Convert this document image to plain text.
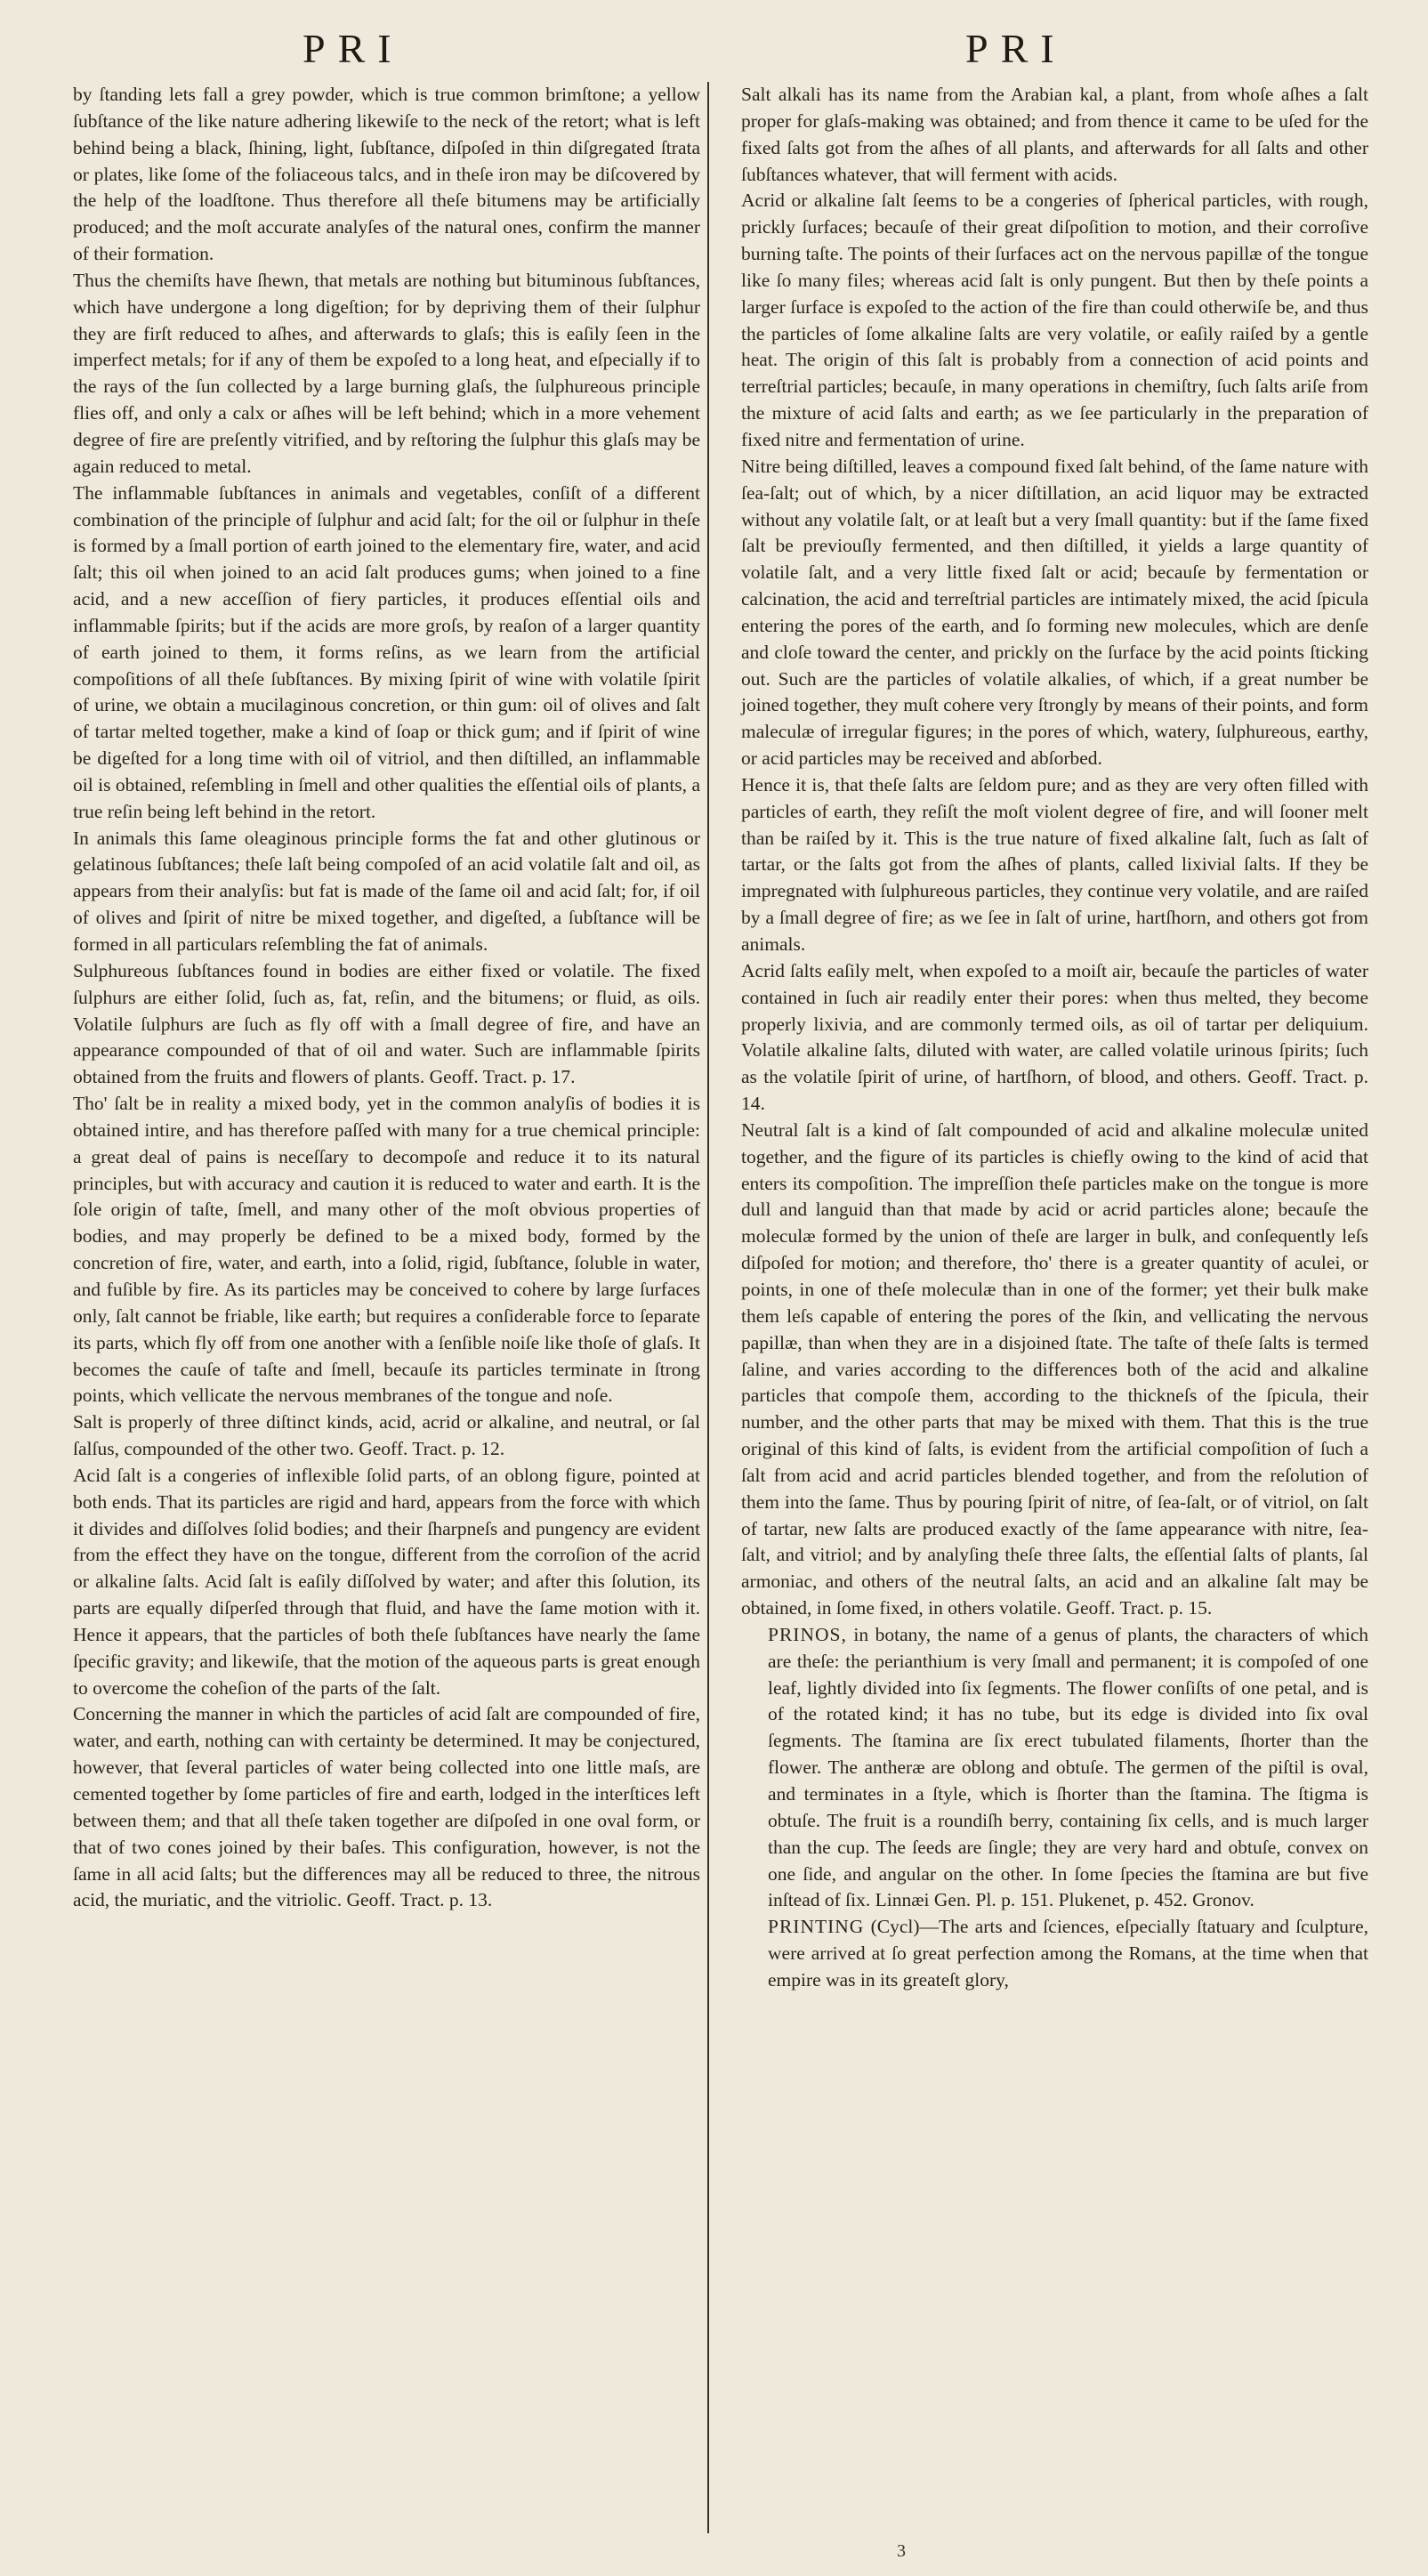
PRI	PRI

by ſtanding lets fall a grey powder, which is true common brimſtone; a yellow ſubſtance of the like nature adhering likewiſe to the neck of the retort; what is left behind being a black, ſhining, light, ſubſtance, diſpoſed in thin diſgregated ſtrata or plates, like ſome of the foliaceous talcs, and in theſe iron may be diſcovered by the help of the loadſtone. Thus therefore all theſe bitumens may be artificially produced; and the moſt accurate analyſes of the natural ones, confirm the manner of their formation.

Thus the chemiſts have ſhewn, that metals are nothing but bituminous ſubſtances, which have undergone a long digeſtion; for by depriving them of their ſulphur they are firſt reduced to aſhes, and afterwards to glaſs; this is eaſily ſeen in the imperfect metals; for if any of them be expoſed to a long heat, and eſpecially if to the rays of the ſun collected by a large burning glaſs, the ſulphureous principle flies off, and only a calx or aſhes will be left behind; which in a more vehement degree of fire are preſently vitrified, and by reſtoring the ſulphur this glaſs may be again reduced to metal.

The inflammable ſubſtances in animals and vegetables, conſiſt of a different combination of the principle of ſulphur and acid ſalt; for the oil or ſulphur in theſe is formed by a ſmall portion of earth joined to the elementary fire, water, and acid ſalt; this oil when joined to an acid ſalt produces gums; when joined to a fine acid, and a new acceſſion of fiery particles, it produces eſſential oils and inflammable ſpirits; but if the acids are more groſs, by reaſon of a larger quantity of earth joined to them, it forms reſins, as we learn from the artificial compoſitions of all theſe ſubſtances. By mixing ſpirit of wine with volatile ſpirit of urine, we obtain a mucilaginous concretion, or thin gum: oil of olives and ſalt of tartar melted together, make a kind of ſoap or thick gum; and if ſpirit of wine be digeſted for a long time with oil of vitriol, and then diſtilled, an inflammable oil is obtained, reſembling in ſmell and other qualities the eſſential oils of plants, a true reſin being left behind in the retort.

In animals this ſame oleaginous principle forms the fat and other glutinous or gelatinous ſubſtances; theſe laſt being compoſed of an acid volatile ſalt and oil, as appears from their analyſis: but fat is made of the ſame oil and acid ſalt; for, if oil of olives and ſpirit of nitre be mixed together, and digeſted, a ſubſtance will be formed in all particulars reſembling the fat of animals.

Sulphureous ſubſtances found in bodies are either fixed or volatile. The fixed ſulphurs are either ſolid, ſuch as, fat, reſin, and the bitumens; or fluid, as oils. Volatile ſulphurs are ſuch as fly off with a ſmall degree of fire, and have an appearance compounded of that of oil and water. Such are inflammable ſpirits obtained from the fruits and flowers of plants. Geoff. Tract. p. 17.

Tho' ſalt be in reality a mixed body, yet in the common analyſis of bodies it is obtained intire, and has therefore paſſed with many for a true chemical principle: a great deal of pains is neceſſary to decompoſe and reduce it to its natural principles, but with accuracy and caution it is reduced to water and earth. It is the ſole origin of taſte, ſmell, and many other of the moſt obvious properties of bodies, and may properly be defined to be a mixed body, formed by the concretion of fire, water, and earth, into a ſolid, rigid, ſubſtance, ſoluble in water, and fuſible by fire. As its particles may be conceived to cohere by large ſurfaces only, ſalt cannot be friable, like earth; but requires a conſiderable force to ſeparate its parts, which fly off from one another with a ſenſible noiſe like thoſe of glaſs. It becomes the cauſe of taſte and ſmell, becauſe its particles terminate in ſtrong points, which vellicate the nervous membranes of the tongue and noſe.

Salt is properly of three diſtinct kinds, acid, acrid or alkaline, and neutral, or ſal ſalſus, compounded of the other two. Geoff. Tract. p. 12.

Acid ſalt is a congeries of inflexible ſolid parts, of an oblong figure, pointed at both ends. That its particles are rigid and hard, appears from the force with which it divides and diſſolves ſolid bodies; and their ſharpneſs and pungency are evident from the effect they have on the tongue, different from the corroſion of the acrid or alkaline ſalts. Acid ſalt is eaſily diſſolved by water; and after this ſolution, its parts are equally diſperſed through that fluid, and have the ſame motion with it. Hence it appears, that the particles of both theſe ſubſtances have nearly the ſame ſpecific gravity; and likewiſe, that the motion of the aqueous parts is great enough to overcome the coheſion of the parts of the ſalt.

Concerning the manner in which the particles of acid ſalt are compounded of fire, water, and earth, nothing can with certainty be determined. It may be conjectured, however, that ſeveral particles of water being collected into one little maſs, are cemented together by ſome particles of fire and earth, lodged in the interſtices left between them; and that all theſe taken together are diſpoſed in one oval form, or that of two cones joined by their baſes. This configuration, however, is not the ſame in all acid ſalts; but the differences may all be reduced to three, the nitrous acid, the muriatic, and the vitriolic. Geoff. Tract. p. 13.

Salt alkali has its name from the Arabian kal, a plant, from whoſe aſhes a ſalt proper for glaſs-making was obtained; and from thence it came to be uſed for the fixed ſalts got from the aſhes of all plants, and afterwards for all ſalts and other ſubſtances whatever, that will ferment with acids.

Acrid or alkaline ſalt ſeems to be a congeries of ſpherical particles, with rough, prickly ſurfaces; becauſe of their great diſpoſition to motion, and their corroſive burning taſte. The points of their ſurfaces act on the nervous papillæ of the tongue like ſo many files; whereas acid ſalt is only pungent. But then by theſe points a larger ſurface is expoſed to the action of the fire than could otherwiſe be, and thus the particles of ſome alkaline ſalts are very volatile, or eaſily raiſed by a gentle heat. The origin of this ſalt is probably from a connection of acid points and terreſtrial particles; becauſe, in many operations in chemiſtry, ſuch ſalts ariſe from the mixture of acid ſalts and earth; as we ſee particularly in the preparation of fixed nitre and fermentation of urine.

Nitre being diſtilled, leaves a compound fixed ſalt behind, of the ſame nature with ſea-ſalt; out of which, by a nicer diſtillation, an acid liquor may be extracted without any volatile ſalt, or at leaſt but a very ſmall quantity: but if the ſame fixed ſalt be previouſly fermented, and then diſtilled, it yields a large quantity of volatile ſalt, and a very little fixed ſalt or acid; becauſe by fermentation or calcination, the acid and terreſtrial particles are intimately mixed, the acid ſpicula entering the pores of the earth, and ſo forming new molecules, which are denſe and cloſe toward the center, and prickly on the ſurface by the acid points ſticking out. Such are the particles of volatile alkalies, of which, if a great number be joined together, they muſt cohere very ſtrongly by means of their points, and form maleculæ of irregular figures; in the pores of which, watery, ſulphureous, earthy, or acid particles may be received and abſorbed.

Hence it is, that theſe ſalts are ſeldom pure; and as they are very often filled with particles of earth, they reſiſt the moſt violent degree of fire, and will ſooner melt than be raiſed by it. This is the true nature of fixed alkaline ſalt, ſuch as ſalt of tartar, or the ſalts got from the aſhes of plants, called lixivial ſalts. If they be impregnated with ſulphureous particles, they continue very volatile, and are raiſed by a ſmall degree of fire; as we ſee in ſalt of urine, hartſhorn, and others got from animals.

Acrid ſalts eaſily melt, when expoſed to a moiſt air, becauſe the particles of water contained in ſuch air readily enter their pores: when thus melted, they become properly lixivia, and are commonly termed oils, as oil of tartar per deliquium. Volatile alkaline ſalts, diluted with water, are called volatile urinous ſpirits; ſuch as the volatile ſpirit of urine, of hartſhorn, of blood, and others. Geoff. Tract. p. 14.

Neutral ſalt is a kind of ſalt compounded of acid and alkaline moleculæ united together, and the figure of its particles is chiefly owing to the kind of acid that enters its compoſition. The impreſſion theſe particles make on the tongue is more dull and languid than that made by acid or acrid particles alone; becauſe the moleculæ formed by the union of theſe are larger in bulk, and conſequently leſs diſpoſed for motion; and therefore, tho' there is a greater quantity of aculei, or points, in one of theſe moleculæ than in one of the former; yet their bulk make them leſs capable of entering the pores of the ſkin, and vellicating the nervous papillæ, than when they are in a disjoined ſtate. The taſte of theſe ſalts is termed ſaline, and varies according to the differences both of the acid and alkaline particles that compoſe them, according to the thickneſs of the ſpicula, their number, and the other parts that may be mixed with them. That this is the true original of this kind of ſalts, is evident from the artificial compoſition of ſuch a ſalt from acid and acrid particles blended together, and from the reſolution of them into the ſame. Thus by pouring ſpirit of nitre, of ſea-ſalt, or of vitriol, on ſalt of tartar, new ſalts are produced exactly of the ſame appearance with nitre, ſea-ſalt, and vitriol; and by analyſing theſe three ſalts, the eſſential ſalts of plants, ſal armoniac, and others of the neutral ſalts, an acid and an alkaline ſalt may be obtained, in ſome fixed, in others volatile. Geoff. Tract. p. 15.

PRINOS, in botany, the name of a genus of plants, the characters of which are theſe: the perianthium is very ſmall and permanent; it is compoſed of one leaf, lightly divided into ſix ſegments. The flower conſiſts of one petal, and is of the rotated kind; it has no tube, but its edge is divided into ſix oval ſegments. The ſtamina are ſix erect tubulated filaments, ſhorter than the flower. The antheræ are oblong and obtuſe. The germen of the piſtil is oval, and terminates in a ſtyle, which is ſhorter than the ſtamina. The ſtigma is obtuſe. The fruit is a roundiſh berry, containing ſix cells, and is much larger than the cup. The ſeeds are ſingle; they are very hard and obtuſe, convex on one ſide, and angular on the other. In ſome ſpecies the ſtamina are but five inſtead of ſix. Linnæi Gen. Pl. p. 151. Plukenet, p. 452. Gronov.

PRINTING (Cycl)—The arts and ſciences, eſpecially ſtatuary and ſculpture, were arrived at ſo great perfection among the Romans, at the time when that empire was in its greateſt glory,

3
